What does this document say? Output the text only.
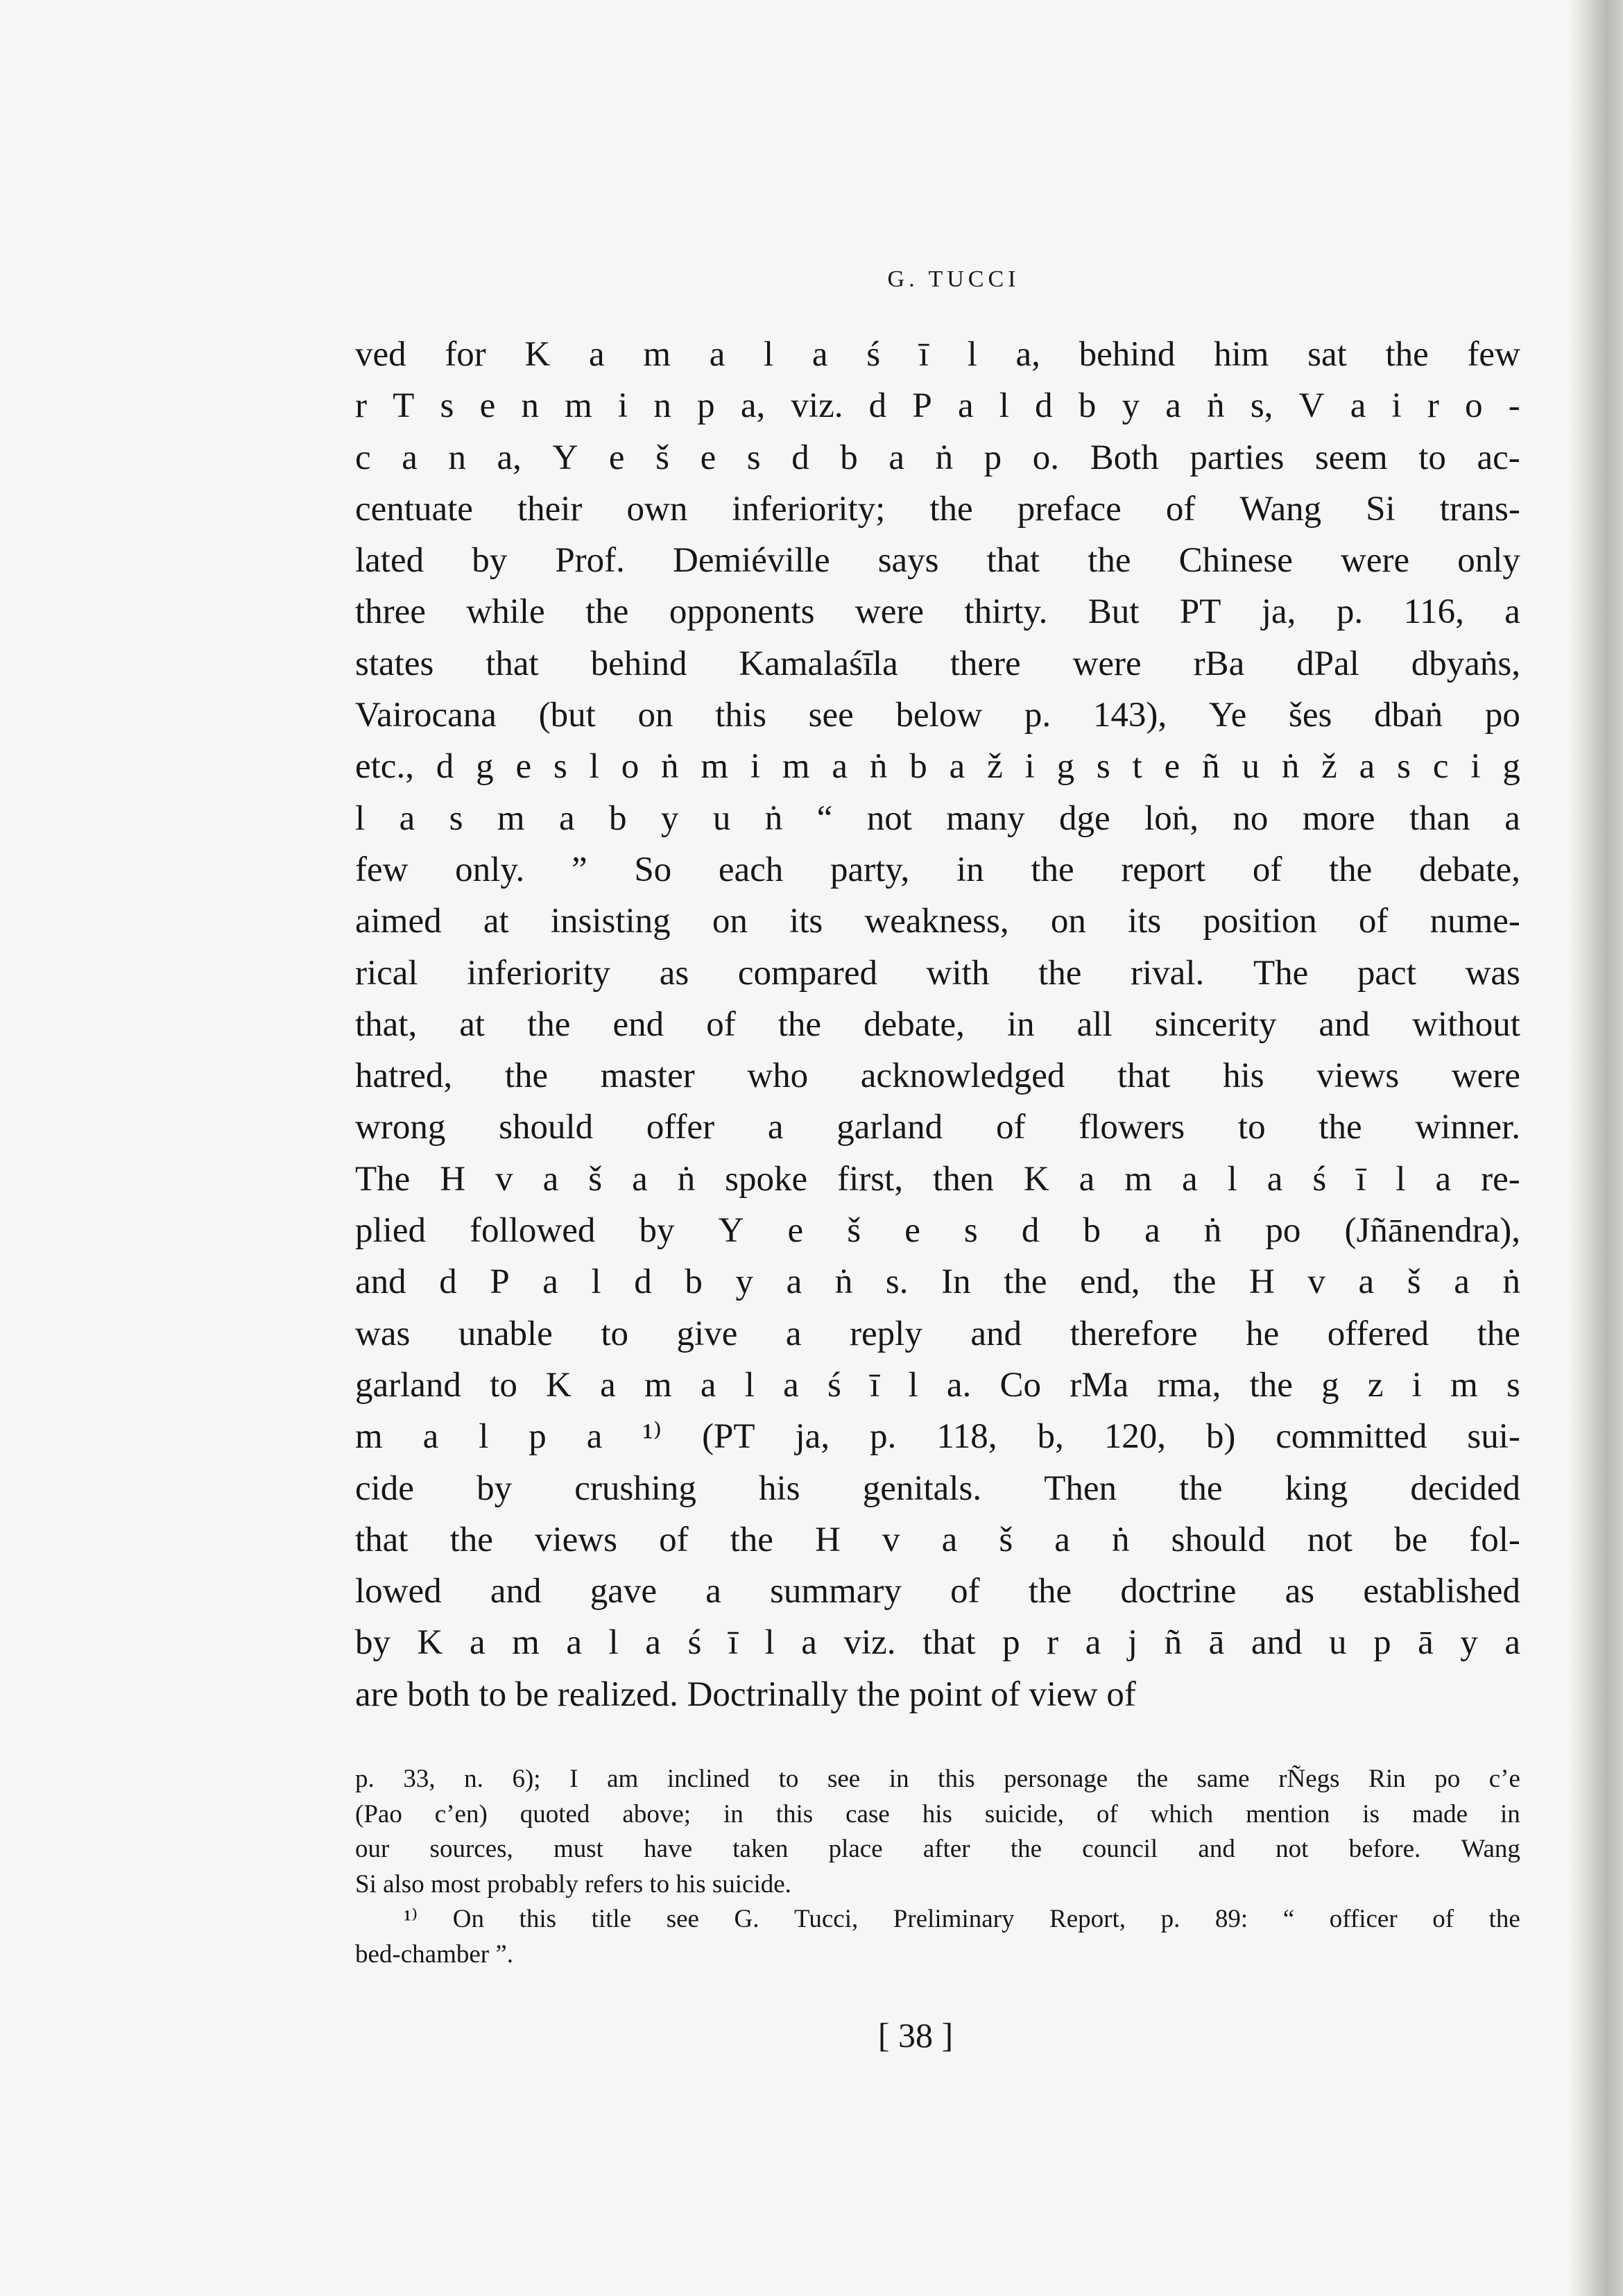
G. TUCCI
ved for K a m a l a ś ī l a, behind him sat the few
r T s e n m i n p a, viz. d P a l d b y a ṅ s, V a i r o -
c a n a, Y e š e s d b a ṅ p o. Both parties seem to ac-
centuate their own inferiority; the preface of Wang Si trans-
lated by Prof. Demiéville says that the Chinese were only
three while the opponents were thirty. But PT ja, p. 116, a
states that behind Kamalaśīla there were rBa dPal dbyaṅs,
Vairocana (but on this see below p. 143), Ye šes dbaṅ po
etc., d g e s l o ṅ m i m a ṅ b a ž i g s t e ñ u ṅ ž a s c i g
l a s m a b y u ṅ “ not many dge loṅ, no more than a
few only. ” So each party, in the report of the debate,
aimed at insisting on its weakness, on its position of nume-
rical inferiority as compared with the rival. The pact was
that, at the end of the debate, in all sincerity and without
hatred, the master who acknowledged that his views were
wrong should offer a garland of flowers to the winner.
The H v a š a ṅ spoke first, then K a m a l a ś ī l a re-
plied followed by Y e š e s d b a ṅ po (Jñānendra),
and d P a l d b y a ṅ s. In the end, the H v a š a ṅ
was unable to give a reply and therefore he offered the
garland to K a m a l a ś ī l a. Co rMa rma, the g z i m s
m a l p a ¹⁾ (PT ja, p. 118, b, 120, b) committed sui-
cide by crushing his genitals. Then the king decided
that the views of the H v a š a ṅ should not be fol-
lowed and gave a summary of the doctrine as established
by K a m a l a ś ī l a viz. that p r a j ñ ā and u p ā y a
are both to be realized. Doctrinally the point of view of
p. 33, n. 6); I am inclined to see in this personage the same rÑegs Rin po c’e
(Pao c’en) quoted above; in this case his suicide, of which mention is made in
our sources, must have taken place after the council and not before. Wang
Si also most probably refers to his suicide.
¹⁾ On this title see G. Tucci, Preliminary Report, p. 89: “ officer of the
bed-chamber ”.
[ 38 ]
